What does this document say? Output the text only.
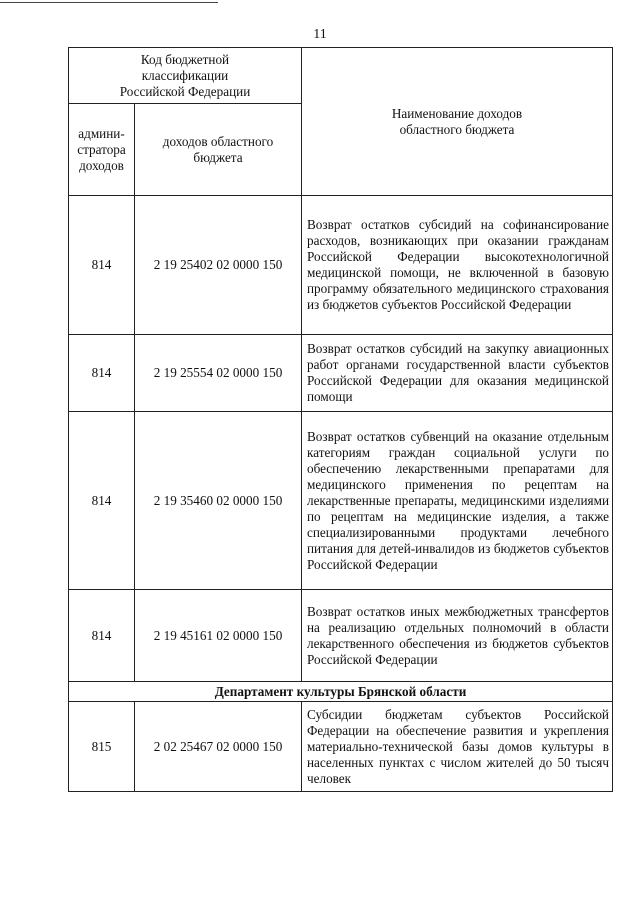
11
Код бюджетной классификации Российской Федерации		Наименование доходов областного бюджета

админи-стратора доходов	доходов областного бюджета	

814	2 19 25402 02 0000 150	Возврат остатков субсидий на софинансирование расходов, возникающих при оказании гражданам Российской Федерации высокотехнологичной медицинской помощи, не включенной в базовую программу обязательного медицинского страхования из бюджетов субъектов Российской Федерации
814	2 19 25554 02 0000 150	Возврат остатков субсидий на закупку авиационных работ органами государственной власти субъектов Российской Федерации для оказания медицинской помощи
814	2 19 35460 02 0000 150	Возврат остатков субвенций на оказание отдельным категориям граждан социальной услуги по обеспечению лекарственными препаратами для медицинского применения по рецептам на лекарственные препараты, медицинскими изделиями по рецептам на медицинские изделия, а также специализированными продуктами лечебного питания для детей-инвалидов из бюджетов субъектов Российской Федерации
814	2 19 45161 02 0000 150	Возврат остатков иных межбюджетных трансфертов на реализацию отдельных полномочий в области лекарственного обеспечения из бюджетов субъектов Российской Федерации
Департамент культуры Брянской области		
815	2 02 25467 02 0000 150	Субсидии бюджетам субъектов Российской Федерации на обеспечение развития и укрепления материально-технической базы домов культуры в населенных пунктах с числом жителей до 50 тысяч человек
